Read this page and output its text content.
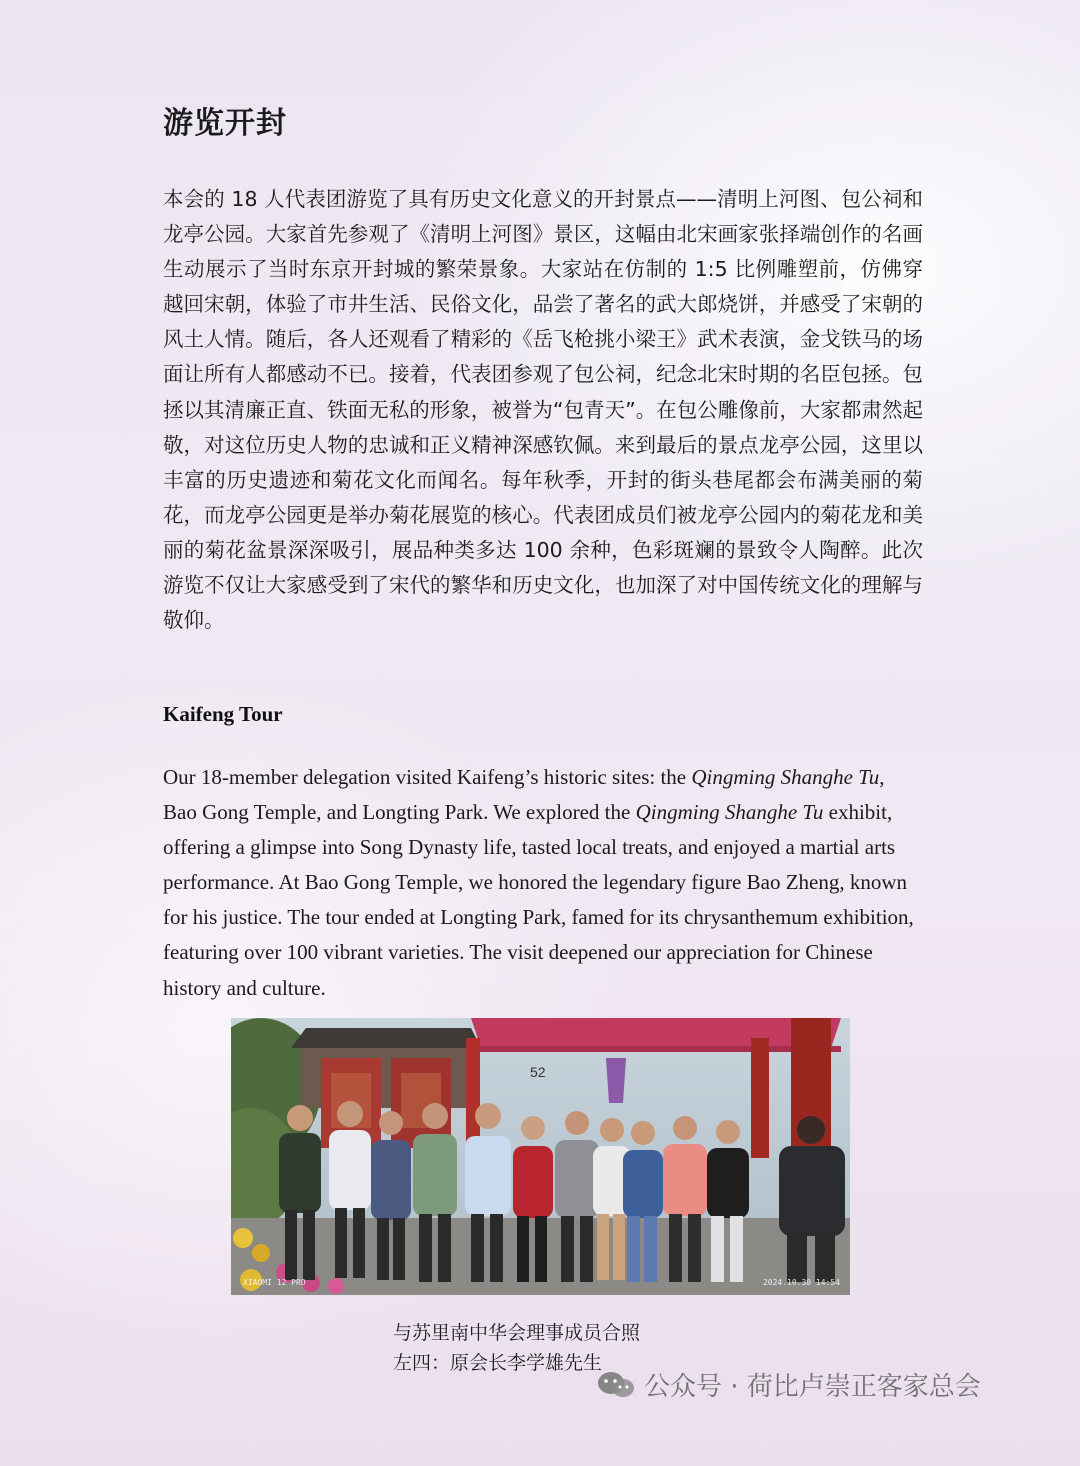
游览开封

本会的 18 人代表团游览了具有历史文化意义的开封景点——清明上河图、包公祠和龙亭公园。大家首先参观了《清明上河图》景区，这幅由北宋画家张择端创作的名画生动展示了当时东京开封城的繁荣景象。大家站在仿制的 1:5 比例雕塑前，仿佛穿越回宋朝，体验了市井生活、民俗文化，品尝了著名的武大郎烧饼，并感受了宋朝的风土人情。随后，各人还观看了精彩的《岳飞枪挑小梁王》武术表演，金戈铁马的场面让所有人都感动不已。接着，代表团参观了包公祠，纪念北宋时期的名臣包拯。包拯以其清廉正直、铁面无私的形象，被誉为“包青天”。在包公雕像前，大家都肃然起敬，对这位历史人物的忠诚和正义精神深感钦佩。来到最后的景点龙亭公园，这里以丰富的历史遗迹和菊花文化而闻名。每年秋季，开封的街头巷尾都会布满美丽的菊花，而龙亭公园更是举办菊花展览的核心。代表团成员们被龙亭公园内的菊花龙和美丽的菊花盆景深深吸引，展品种类多达 100 余种，色彩斑斓的景致令人陶醉。此次游览不仅让大家感受到了宋代的繁华和历史文化，也加深了对中国传统文化的理解与敬仰。

Kaifeng Tour

Our 18-member delegation visited Kaifeng’s historic sites: the Qingming Shanghe Tu, Bao Gong Temple, and Longting Park. We explored the Qingming Shanghe Tu exhibit, offering a glimpse into Song Dynasty life, tasted local treats, and enjoyed a martial arts performance. At Bao Gong Temple, we honored the legendary figure Bao Zheng, known for his justice. The tour ended at Longting Park, famed for its chrysanthemum exhibition, featuring over 100 vibrant varieties. The visit deepened our appreciation for Chinese history and culture.

XIAOMI 12 PRO	2024.10.30 14:54
与苏里南中华会理事成员合照
左四：原会长李学雄先生
52
公众号 · 荷比卢崇正客家总会
